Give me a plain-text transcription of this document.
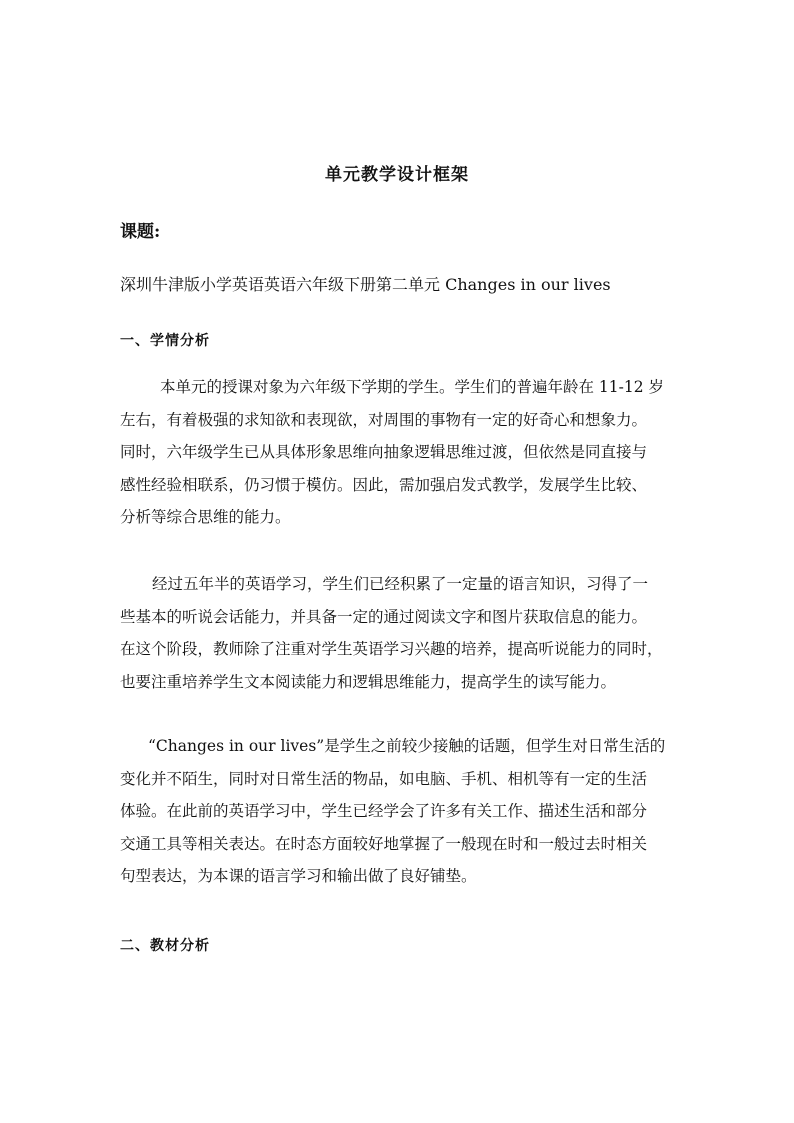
单元教学设计框架
课题:
深圳牛津版小学英语英语六年级下册第二单元 Changes in our lives
一、学情分析

本单元的授课对象为六年级下学期的学生。学生们的普遍年龄在 11-12 岁
左右，有着极强的求知欲和表现欲，对周围的事物有一定的好奇心和想象力。
同时，六年级学生已从具体形象思维向抽象逻辑思维过渡，但依然是同直接与
感性经验相联系，仍习惯于模仿。因此，需加强启发式教学，发展学生比较、
分析等综合思维的能力。

经过五年半的英语学习，学生们已经积累了一定量的语言知识，习得了一
些基本的听说会话能力，并具备一定的通过阅读文字和图片获取信息的能力。
在这个阶段，教师除了注重对学生英语学习兴趣的培养，提高听说能力的同时，
也要注重培养学生文本阅读能力和逻辑思维能力，提高学生的读写能力。

“Changes in our lives”是学生之前较少接触的话题，但学生对日常生活的
变化并不陌生，同时对日常生活的物品，如电脑、手机、相机等有一定的生活
体验。在此前的英语学习中，学生已经学会了许多有关工作、描述生活和部分
交通工具等相关表达。在时态方面较好地掌握了一般现在时和一般过去时相关
句型表达，为本课的语言学习和输出做了良好铺垫。

二、教材分析
